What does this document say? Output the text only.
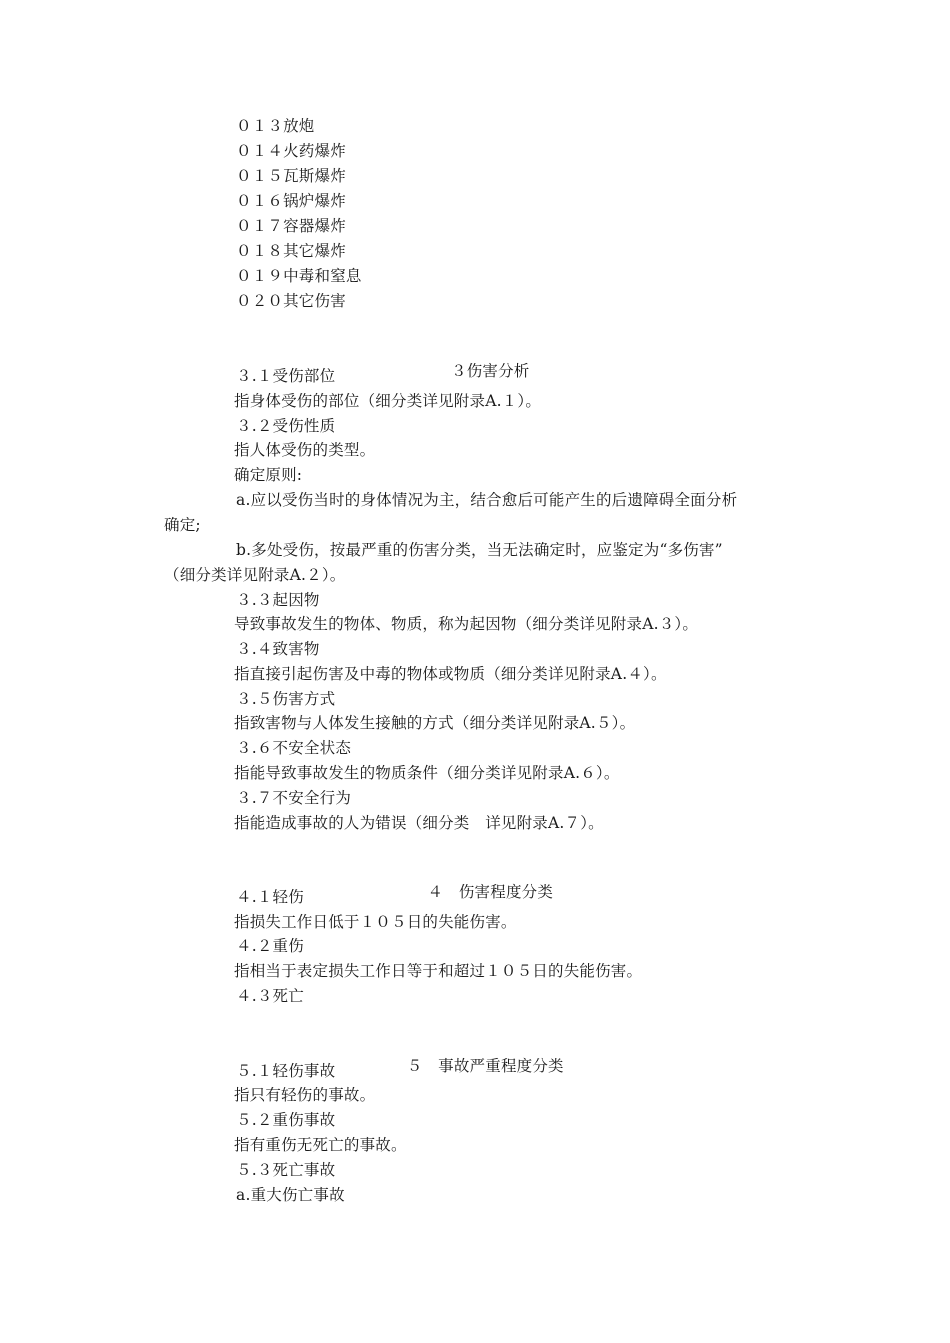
０１３放炮
０１４火药爆炸
０１５瓦斯爆炸
０１６锅炉爆炸
０１７容器爆炸
０１８其它爆炸
０１９中毒和窒息
０２０其它伤害

３伤害分析

３.１受伤部位
指身体受伤的部位（细分类详见附录A.１）。
３.２受伤性质
指人体受伤的类型。
确定原则:
a.应以受伤当时的身体情况为主，结合愈后可能产生的后遗障碍全面分析
确定;
b.多处受伤，按最严重的伤害分类，当无法确定时，应鉴定为“多伤害”
（细分类详见附录A.２）。
３.３起因物
导致事故发生的物体、物质，称为起因物（细分类详见附录A.３）。
３.４致害物
指直接引起伤害及中毒的物体或物质（细分类详见附录A.４）。
３.５伤害方式
指致害物与人体发生接触的方式（细分类详见附录A.５）。
３.６不安全状态
指能导致事故发生的物质条件（细分类详见附录A.６）。
３.７不安全行为
指能造成事故的人为错误（细分类　详见附录A.７）。

４　伤害程度分类

４.１轻伤
指损失工作日低于１０５日的失能伤害。
４.２重伤
指相当于表定损失工作日等于和超过１０５日的失能伤害。
４.３死亡

５　事故严重程度分类

５.１轻伤事故
指只有轻伤的事故。
５.２重伤事故
指有重伤无死亡的事故。
５.３死亡事故
a.重大伤亡事故
